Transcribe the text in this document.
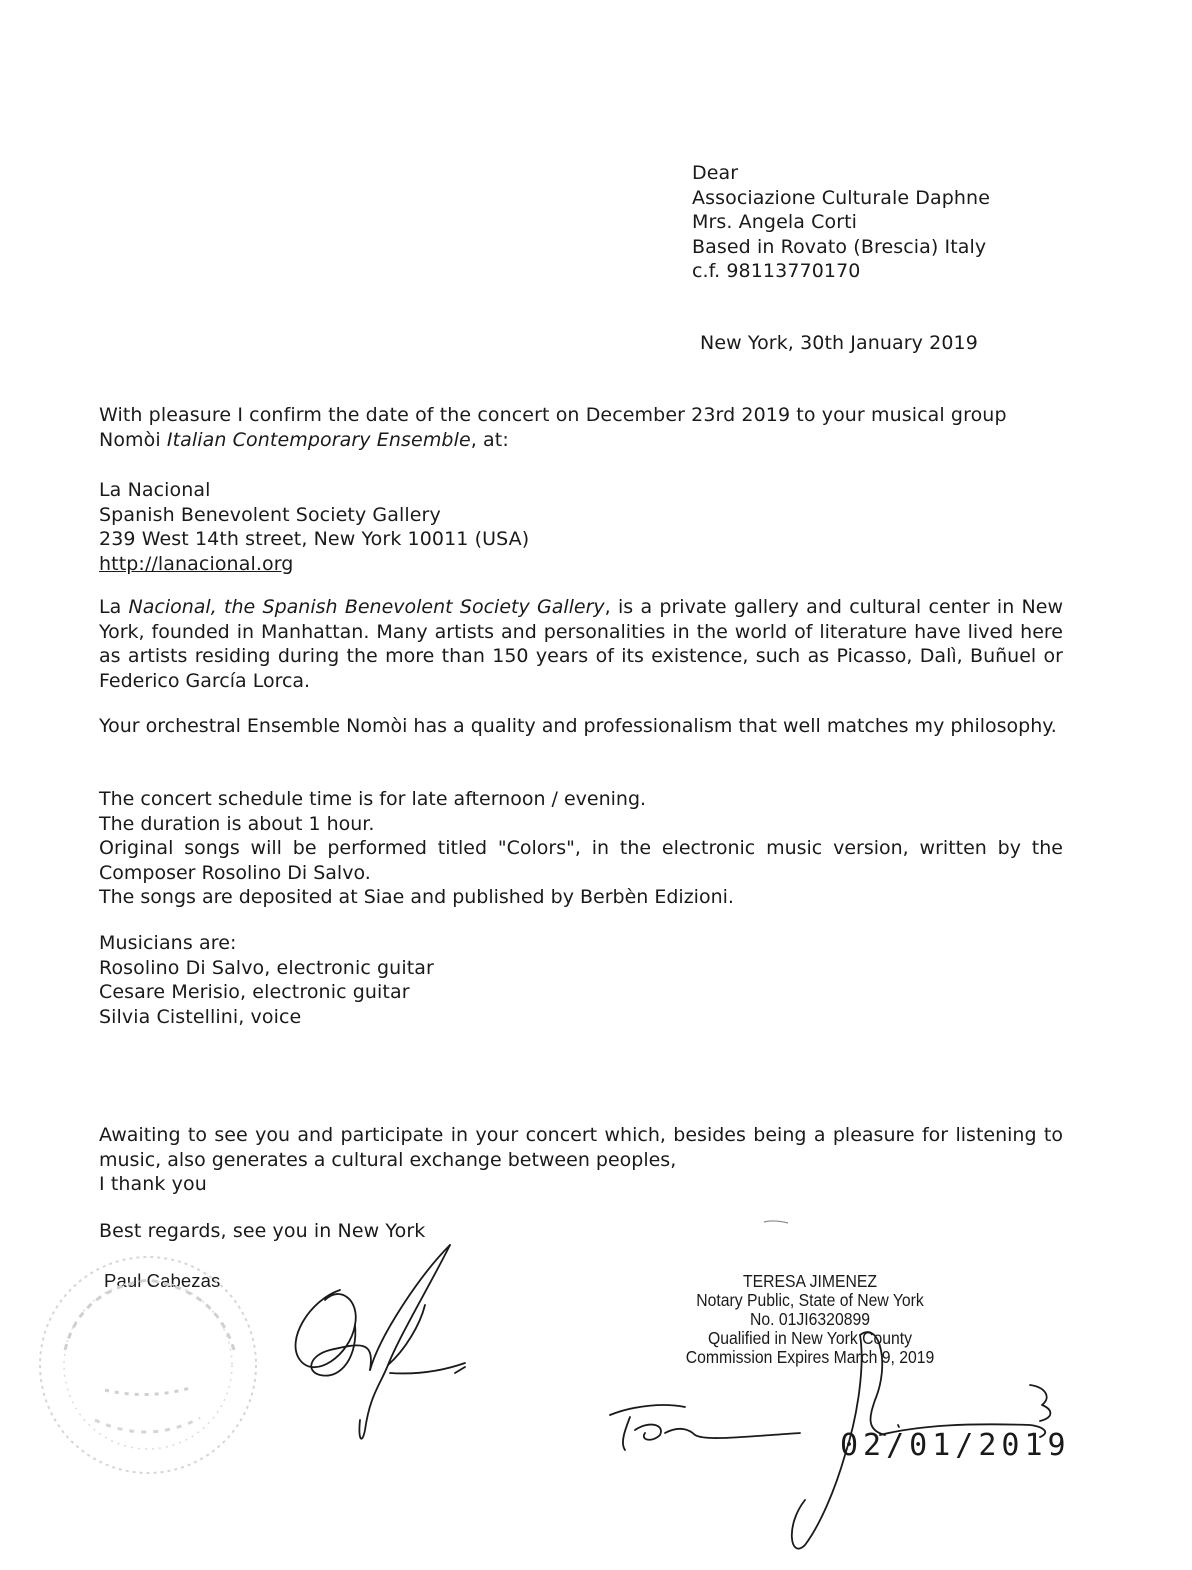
Dear
Associazione Culturale Daphne
Mrs. Angela Corti
Based in Rovato (Brescia) Italy
c.f. 98113770170
New York, 30th January 2019
With pleasure I confirm the date of the concert on December 23rd 2019 to your musical group
Nomòi Italian Contemporary Ensemble, at:
La Nacional
Spanish Benevolent Society Gallery
239 West 14th street, New York 10011 (USA)
http://lanacional.org
La Nacional, the Spanish Benevolent Society Gallery, is a private gallery and cultural center in New York, founded in Manhattan. Many artists and personalities in the world of literature have lived here as artists residing during the more than 150 years of its existence, such as Picasso, Dalì, Buñuel or Federico García Lorca.
Your orchestral Ensemble Nomòi has a quality and professionalism that well matches my philosophy.
The concert schedule time is for late afternoon / evening.
The duration is about 1 hour.
Original songs will be performed titled "Colors", in the electronic music version, written by the Composer Rosolino Di Salvo.
The songs are deposited at Siae and published by Berbèn Edizioni.
Musicians are:
Rosolino Di Salvo, electronic guitar
Cesare Merisio, electronic guitar
Silvia Cistellini, voice
Awaiting to see you and participate in your concert which, besides being a pleasure for listening to music, also generates a cultural exchange between peoples,
I thank you
Best regards, see you in New York
Paul Cabezas	TERESA JIMENEZ
Notary Public, State of New York
No. 01JI6320899
Qualified in New York County
Commission Expires March 9, 2019
02/01/2019
